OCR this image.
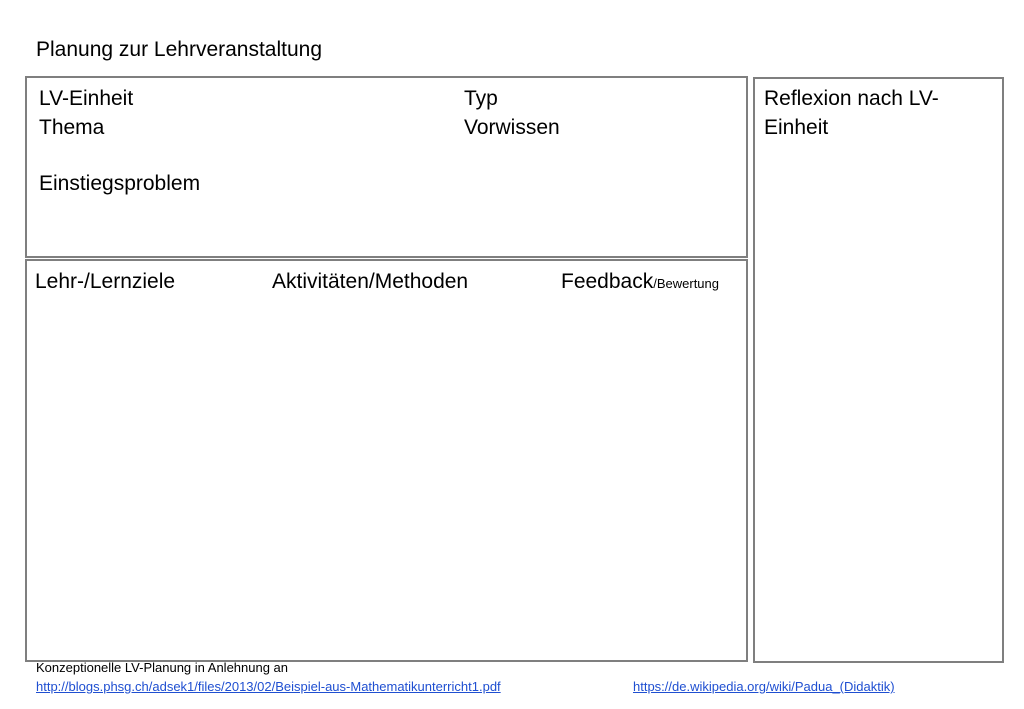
Planung zur Lehrveranstaltung
LV-Einheit
Thema
Einstiegsproblem
Typ
Vorwissen
Lehr-/Lernziele	Aktivitäten/Methoden	Feedback/Bewertung
Reflexion nach LV-
Einheit
Konzeptionelle LV-Planung in Anlehnung an
http://blogs.phsg.ch/adsek1/files/2013/02/Beispiel-aus-Mathematikunterricht1.pdf	https://de.wikipedia.org/wiki/Padua_(Didaktik)
